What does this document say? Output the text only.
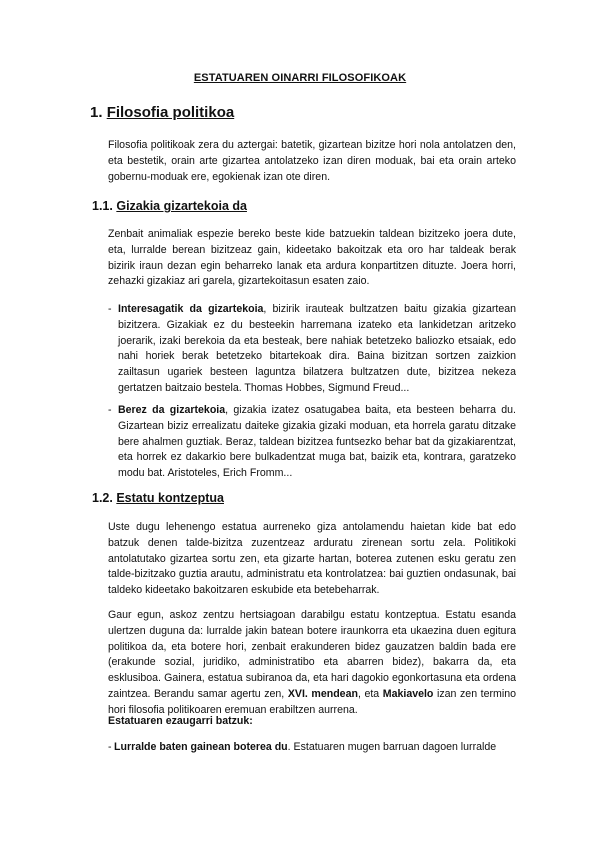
ESTATUAREN OINARRI FILOSOFIKOAK
1. Filosofia politikoa
Filosofia politikoak zera du aztergai: batetik, gizartean bizitze hori nola antolatzen den, eta bestetik, orain arte gizartea antolatzeko izan diren moduak, bai eta orain arteko gobernu-moduak ere, egokienak izan ote diren.
1.1. Gizakia gizartekoia da
Zenbait animaliak espezie bereko beste kide batzuekin taldean bizitzeko joera dute, eta, lurralde berean bizitzeaz gain, kideetako bakoitzak eta oro har taldeak berak bizirik iraun dezan egin beharreko lanak eta ardura konpartitzen dituzte. Joera horri, zehazki gizakiaz ari garela, gizartekoitasun esaten zaio.
- Interesagatik da gizartekoia, bizirik irauteak bultzatzen baitu gizakia gizartean bizitzera. Gizakiak ez du besteekin harremana izateko eta lankidetzan aritzeko joerarik, izaki berekoia da eta besteak, bere nahiak betetzeko baliozko etsaiak, edo nahi horiek berak betetzeko bitartekoak dira. Baina bizitzan sortzen zaizkion zailtasun ugariek besteen laguntza bilatzera bultzatzen dute, bizitzea nekeza gertatzen baitzaio bestela. Thomas Hobbes, Sigmund Freud...
- Berez da gizartekoia, gizakia izatez osatugabea baita, eta besteen beharra du. Gizartean biziz errealizatu daiteke gizakia gizaki moduan, eta horrela garatu ditzake bere ahalmen guztiak. Beraz, taldean bizitzea funtsezko behar bat da gizakiarentzat, eta horrek ez dakarkio bere bulkadentzat muga bat, baizik eta, kontrara, garatzeko modu bat. Aristoteles, Erich Fromm...
1.2. Estatu kontzeptua
Uste dugu lehenengo estatua aurreneko giza antolamendu haietan kide bat edo batzuk denen talde-bizitza zuzentzeaz arduratu zirenean sortu zela. Politikoki antolatutako gizartea sortu zen, eta gizarte hartan, boterea zutenen esku geratu zen talde-bizitzako guztia arautu, administratu eta kontrolatzea: bai guztien ondasunak, bai taldeko kideetako bakoitzaren eskubide eta betebeharrak.
Gaur egun, askoz zentzu hertsiagoan darabilgu estatu kontzeptua. Estatu esanda ulertzen duguna da: lurralde jakin batean botere iraunkorra eta ukaezina duen egitura politikoa da, eta botere hori, zenbait erakunderen bidez gauzatzen baldin bada ere (erakunde sozial, juridiko, administratibo eta abarren bidez), bakarra da, eta esklusiboa. Gainera, estatua subiranoa da, eta hari dagokio egonkortasuna eta ordena zaintzea. Berandu samar agertu zen, XVI. mendean, eta Makiavelo izan zen termino hori filosofia politikoaren eremuan erabiltzen aurrena.
Estatuaren ezaugarri batzuk:
- Lurralde baten gainean boterea du. Estatuaren mugen barruan dagoen lurralde
